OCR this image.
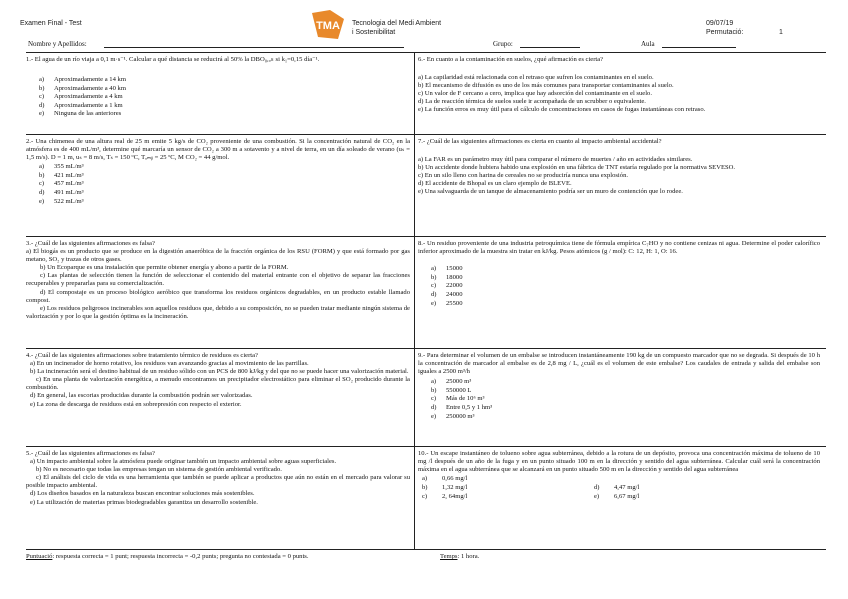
Examen Final - Test	TMA Tecnologia del Medi Ambient
i Sostenibilitat
09/07/19
Permutació:	1
Nombre y Apellidos:	Grupo:	Aula

1.- El agua de un río viaja a 0,1 m·s⁻¹. Calcular a qué distancia se reducirá al 50% la DBO₀,ᵤₗₜ si k₁=0,15 día⁻¹.

a) Aproximadamente a 14 km
b) Aproximadamente a 40 km
c) Aproximadamente a 4 km
d) Aproximadamente a 1 km
e) Ninguna de las anteriores

2.- Una chimenea de una altura real de 25 m emite 5 kg/s de CO₂ proveniente de una combustión. Si la concentración natural de CO₂ en la atmósfera es de 400 mL/m³, determine qué marcaría un sensor de CO₂ a 300 m a sotavento y a nivel de terra, en un día soleado de verano (uₛ = 1,5 m/s). D = 1 m, uₛ = 8 m/s, Tₛ = 150 ºC, Tₐₘᵦ = 25 ºC, M CO₂ = 44 g/mol.

a) 355 mL/m³
b) 421 mL/m³
c) 457 mL/m³
d) 491 mL/m³
e) 522 mL/m³

3.- ¿Cuál de las siguientes afirmaciones es falsa?

a) El biogás es un producto que se produce en la digestión anaeróbica de la fracción orgánica de los RSU (FORM) y que está formado por gas metano, SO₂ y trazas de otros gases.
b) Un Ecoparque es una instalación que permite obtener energía y abono a partir de la FORM.
c) Las plantas de selección tienen la función de seleccionar el contenido del material entrante con el objetivo de separar las fracciones recuperables y prepararlas para su comercialización.
d) El compostaje es un proceso biológico aeróbico que transforma los residuos orgánicos degradables, en un producto estable llamado compost.
e) Los residuos peligrosos incinerables son aquellos residuos que, debido a su composición, no se pueden tratar mediante ningún sistema de valorización y por lo que la gestión óptima es la incineración.

4.- ¿Cuál de las siguientes afirmaciones sobre tratamiento térmico de residuos es cierta?

a) En un incinerador de horno rotativo, los residuos van avanzando gracias al movimiento de las parrillas.
b) La incineración será el destino habitual de un residuo sólido con un PCS de 800 kJ/kg y del que no se puede hacer una valorización material.
c) En una planta de valorización energética, a menudo encontramos un precipitador electrostático para eliminar el SO₂ producido durante la combustión.
d) En general, las escorias producidas durante la combustión podrán ser valorizadas.
e) La zona de descarga de residuos está en sobrepresión con respecto el exterior.

5.- ¿Cuál de las siguientes afirmaciones es falsa?

a) Un impacto ambiental sobre la atmósfera puede originar también un impacto ambiental sobre aguas superficiales.
b) No es necesario que todas las empresas tengan un sistema de gestión ambiental verificado.
c) El análisis del ciclo de vida es una herramienta que también se puede aplicar a productos que aún no están en el mercado para valorar su posible impacto ambiental.
d) Los diseños basados en la naturaleza buscan encontrar soluciones más sostenibles.
e) La utilización de materias primas biodegradables garantiza un desarrollo sostenible.

6.- En cuanto a la contaminación en suelos, ¿qué afirmación es cierta?

a) La capilaridad está relacionada con el retraso que sufren los contaminantes en el suelo.
b) El mecanismo de difusión es uno de los más comunes para transportar contaminantes al suelo.
c) Un valor de F cercano a cero, implica que hay adsorción del contaminante en el suelo.
d) La de reacción térmica de suelos suele ir acompañada de un scrubber o equivalente.
e) La función erros es muy útil para el cálculo de concentraciones en casos de fugas instantáneas con retraso.

7.- ¿Cuál de las siguientes afirmaciones es cierta en cuanto al impacto ambiental accidental?

a) La FAR es un parámetro muy útil para comparar el número de muertes / año en actividades similares.
b) Un accidente donde hubiera habido una explosión en una fábrica de TNT estaría regulado por la normativa SEVESO.
c) En un silo lleno con harina de cereales no se produciría nunca una explosión.
d) El accidente de Bhopal es un claro ejemplo de BLEVE.
e) Una salvaguarda de un tanque de almacenamiento podría ser un muro de contención que lo rodee.

8.- Un residuo proveniente de una industria petroquímica tiene de fórmula empírica C₇HO y no contiene cenizas ni agua. Determine el poder calorífico inferior aproximado de la muestra sin tratar en kJ/kg. Pesos atómicos (g / mol): C: 12, H: 1, O: 16.

a) 15000
b) 18000
c) 22000
d) 24000
e) 25500

9.- Para determinar el volumen de un embalse se introducen instantáneamente 190 kg de un compuesto marcador que no se degrada. Si después de 10 h la concentración de marcador al embalse es de 2,8 mg / L, ¿cuál es el volumen de este embalse? Los caudales de entrada y salida del embalse son iguales a 2500 m³/h

a) 25000 m³
b) 550000 L
c) Más de 10⁶ m³
d) Entre 0,5 y 1 hm³
e) 250000 m³

10.- Un escape instantáneo de tolueno sobre agua subterránea, debido a la rotura de un depósito, provoca una concentración máxima de tolueno de 10 mg /l después de un año de la fuga y en un punto situado 100 m en la dirección y sentido del agua subterránea. Calcular cuál será la concentración máxima en el agua subterránea que se alcanzará en un punto situado 500 m en la dirección y sentido del agua subterránea

a) 0,66 mg/l
b) 1,32 mg/l
c) 2, 64mg/l
d) 4,47 mg/l
e) 6,67 mg/l
Puntuació: respuesta correcta = 1 punt; respuesta incorrecta = -0,2 punts; pregunta no contestada = 0 punts.	Temps: 1 hora.
